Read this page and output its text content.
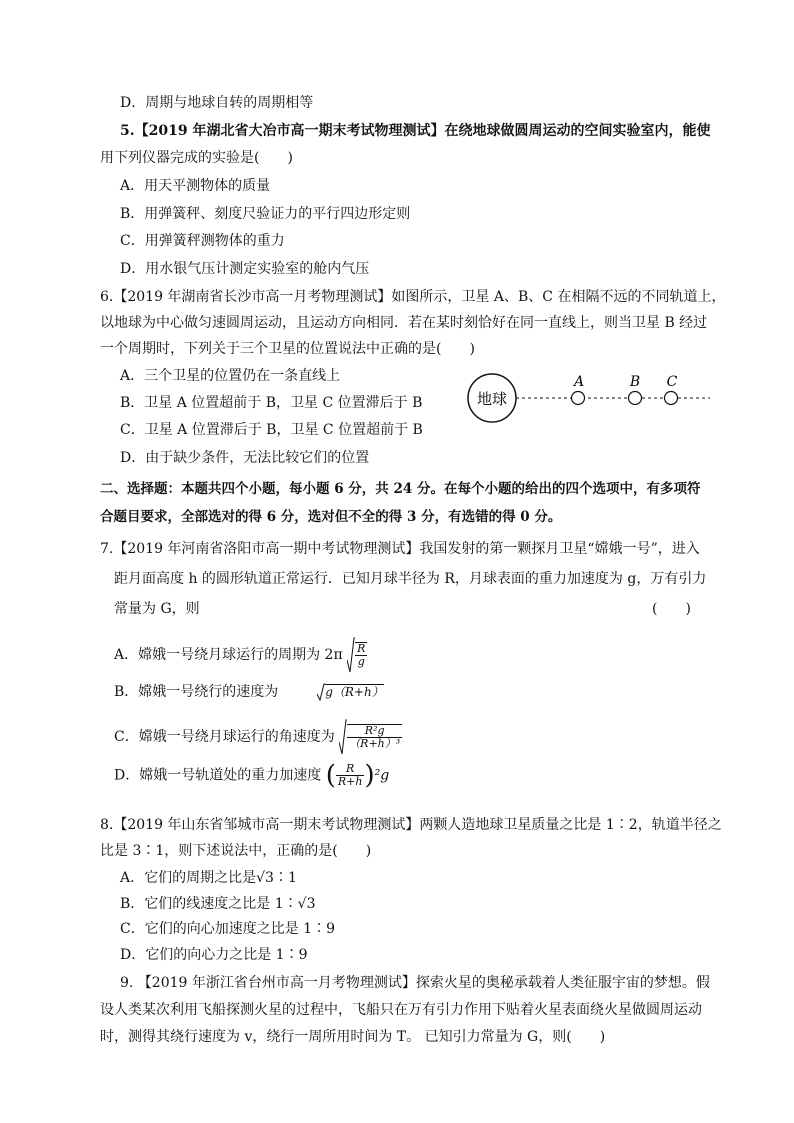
D．周期与地球自转的周期相等
5.【2019 年湖北省大冶市高一期末考试物理测试】在绕地球做圆周运动的空间实验室内，能使
用下列仪器完成的实验是(　　)
A．用天平测物体的质量
B．用弹簧秤、刻度尺验证力的平行四边形定则
C．用弹簧秤测物体的重力
D．用水银气压计测定实验室的舱内气压
6.【2019 年湖南省长沙市高一月考物理测试】如图所示，卫星 A、B、C 在相隔不远的不同轨道上，
以地球为中心做匀速圆周运动，且运动方向相同．若在某时刻恰好在同一直线上，则当卫星 B 经过
一个周期时，下列关于三个卫星的位置说法中正确的是(　　)
A．三个卫星的位置仍在一条直线上
B．卫星 A 位置超前于 B，卫星 C 位置滞后于 B
C．卫星 A 位置滞后于 B，卫星 C 位置超前于 B
D．由于缺少条件，无法比较它们的位置
地球
A	B C
二、选择题：本题共四个小题，每小题 6 分，共 24 分。在每个小题的给出的四个选项中，有多项符
合题目要求，全部选对的得 6 分，选对但不全的得 3 分，有选错的得 0 分。
7.【2019 年河南省洛阳市高一期中考试物理测试】我国发射的第一颗探月卫星“嫦娥一号”，进入
距月面高度 h 的圆形轨道正常运行．已知月球半径为 R，月球表面的重力加速度为 g，万有引力
常量为 G，则	(　　)
A．嫦娥一号绕月球运行的周期为 $2\pi \frac{R}{g}$
B．嫦娥一号绕行的速度为	g（R+h）
C．嫦娥一号绕月球运行的角速度为 $\frac{\text{R²g}}{\text{（R+h）³}}$
D．嫦娥一号轨道处的重力加速度 ( $\frac{R}{R+h} )^2g$
8.【2019 年山东省邹城市高一期末考试物理测试】两颗人造地球卫星质量之比是 1∶2，轨道半径之
比是 3∶1，则下述说法中，正确的是(　　)
A．它们的周期之比是√3∶1
B．它们的线速度之比是 1∶√3
C．它们的向心加速度之比是 1∶9
D．它们的向心力之比是 1∶9
9. 【2019 年浙江省台州市高一月考物理测试】探索火星的奥秘承载着人类征服宇宙的梦想。假
设人类某次利用飞船探测火星的过程中，飞船只在万有引力作用下贴着火星表面绕火星做圆周运动
时，测得其绕行速度为 v，绕行一周所用时间为 T。 已知引力常量为 G，则(　　)
